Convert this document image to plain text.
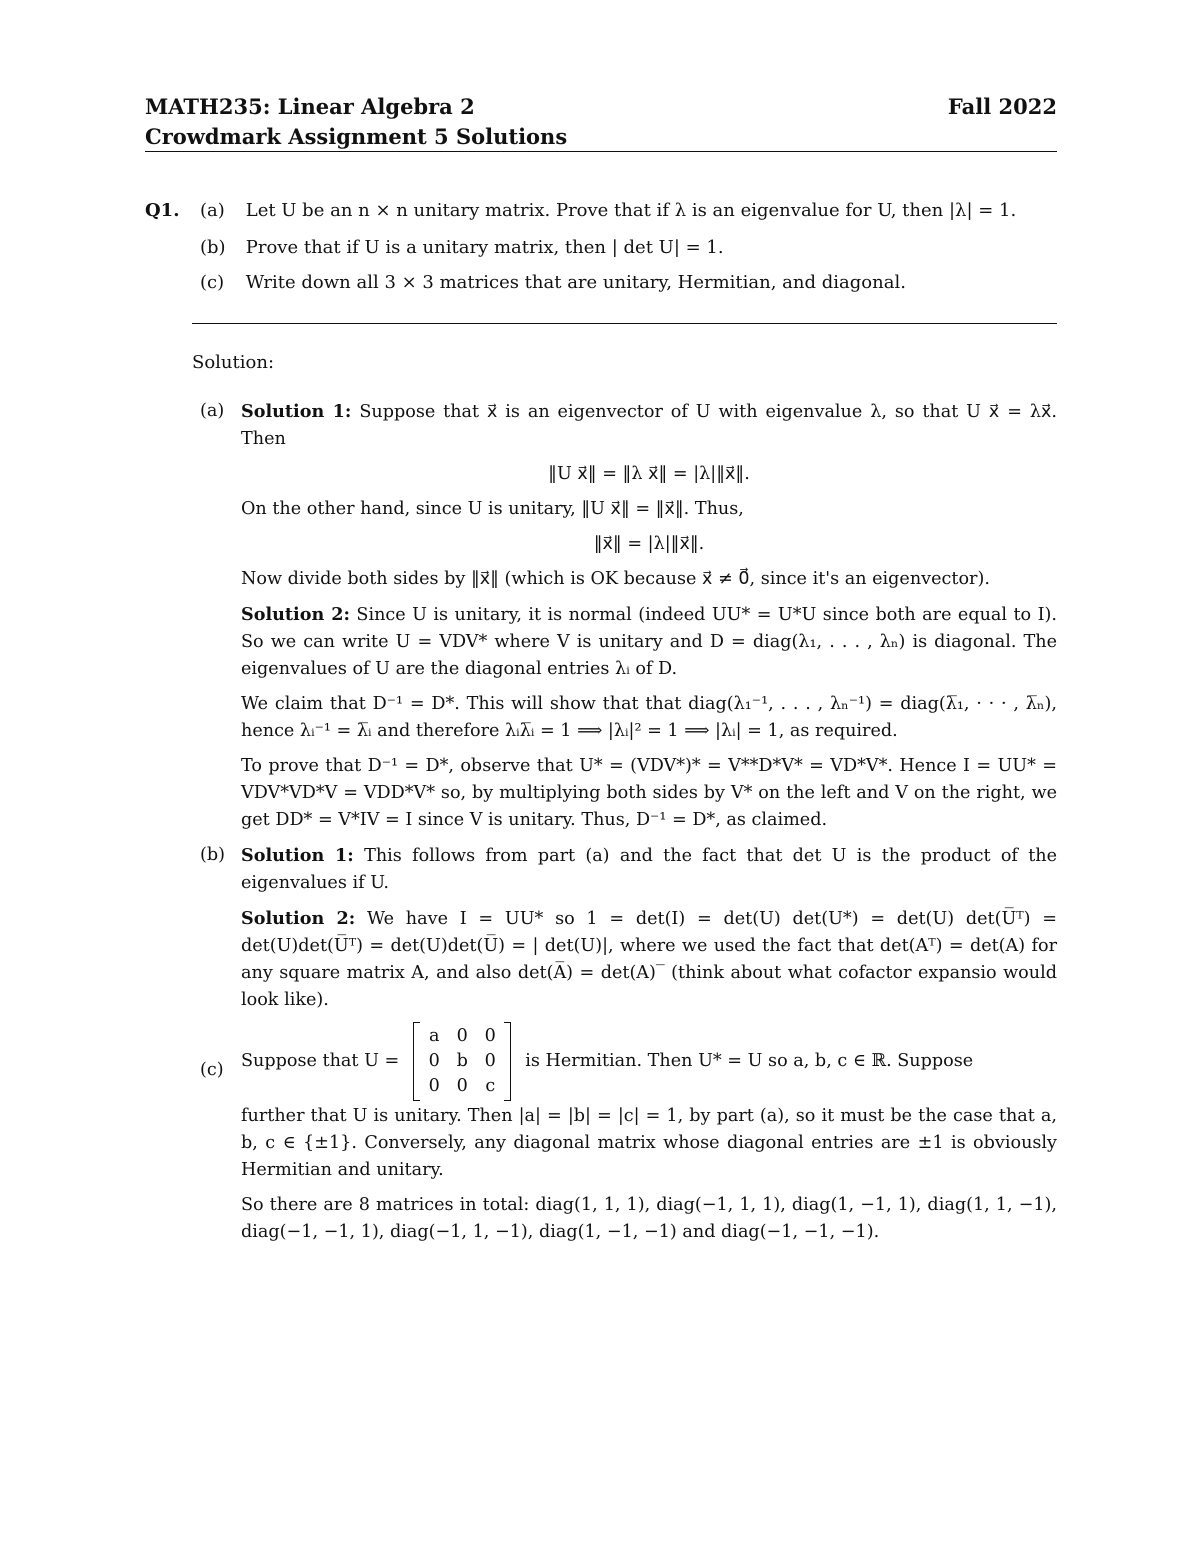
MATH235: Linear Algebra 2	Fall 2022
Crowdmark Assignment 5 Solutions
Q1. (a) Let U be an n × n unitary matrix. Prove that if λ is an eigenvalue for U, then |λ| = 1.
(b) Prove that if U is a unitary matrix, then | det U| = 1.
(c) Write down all 3 × 3 matrices that are unitary, Hermitian, and diagonal.
Solution:
(a) Solution 1: Suppose that x⃗ is an eigenvector of U with eigenvalue λ, so that U x⃗ = λx⃗. Then

‖U x⃗‖ = ‖λ x⃗‖ = |λ|‖x⃗‖.

On the other hand, since U is unitary, ‖U x⃗‖ = ‖x⃗‖. Thus,

‖x⃗‖ = |λ|‖x⃗‖.

Now divide both sides by ‖x⃗‖ (which is OK because x⃗ ≠ 0⃗, since it's an eigenvector).

Solution 2: Since U is unitary, it is normal (indeed UU* = U*U since both are equal to I). So we can write U = VDV* where V is unitary and D = diag(λ₁, . . . , λₙ) is diagonal. The eigenvalues of U are the diagonal entries λᵢ of D.

We claim that D⁻¹ = D*. This will show that that diag(λ₁⁻¹, . . . , λₙ⁻¹) = diag(λ̅₁, · · · , λ̅ₙ), hence λᵢ⁻¹ = λ̅ᵢ and therefore λᵢλ̅ᵢ = 1 ⟹ |λᵢ|² = 1 ⟹ |λᵢ| = 1, as required.

To prove that D⁻¹ = D*, observe that U* = (VDV*)* = V**D*V* = VD*V*. Hence I = UU* = VDV*VD*V = VDD*V* so, by multiplying both sides by V* on the left and V on the right, we get DD* = V*IV = I since V is unitary. Thus, D⁻¹ = D*, as claimed.

(b) Solution 1: This follows from part (a) and the fact that det U is the product of the eigenvalues if U.

Solution 2: We have I = UU* so 1 = det(I) = det(U) det(U*) = det(U) det(U̅ᵀ) = det(U)det(U̅ᵀ) = det(U)det(U̅) = | det(U)|, where we used the fact that det(Aᵀ) = det(A) for any square matrix A, and also det(A̅) = det(A)‾ (think about what cofactor expansio would look like).

(c) Suppose that U =
a 0 0
0 b 0
0 0 c
is Hermitian. Then U* = U so a, b, c ∈ ℝ. Suppose

further that U is unitary. Then |a| = |b| = |c| = 1, by part (a), so it must be the case that a, b, c ∈ {±1}. Conversely, any diagonal matrix whose diagonal entries are ±1 is obviously Hermitian and unitary.

So there are 8 matrices in total: diag(1, 1, 1), diag(−1, 1, 1), diag(1, −1, 1), diag(1, 1, −1), diag(−1, −1, 1), diag(−1, 1, −1), diag(1, −1, −1) and diag(−1, −1, −1).
